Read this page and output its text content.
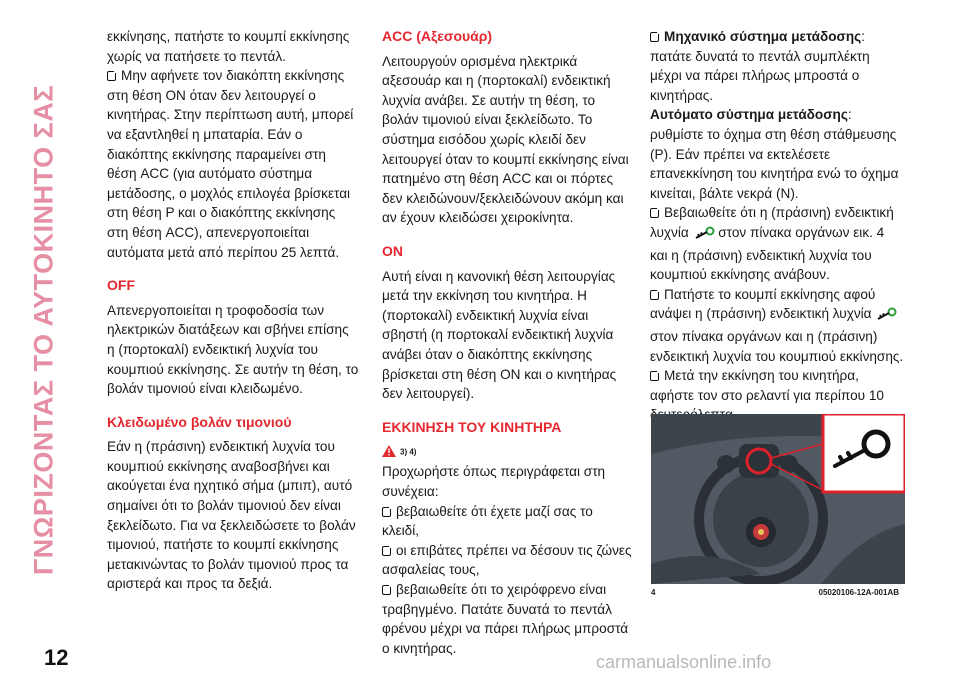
ΓΝΩΡΙΖΟΝΤΑΣ ΤΟ ΑΥΤΟΚΙΝΗΤΟ ΣΑΣ

εκκίνησης, πατήστε το κουμπί εκκίνησης χωρίς να πατήσετε το πεντάλ.

Μην αφήνετε τον διακόπτη εκκίνησης στη θέση ON όταν δεν λειτουργεί ο κινητήρας. Στην περίπτωση αυτή, μπορεί να εξαντληθεί η μπαταρία. Εάν ο διακόπτης εκκίνησης παραμείνει στη θέση ACC (για αυτόματο σύστημα μετάδοσης, ο μοχλός επιλογέα βρίσκεται στη θέση P και ο διακόπτης εκκίνησης στη θέση ACC), απενεργοποιείται αυτόματα μετά από περίπου 25 λεπτά.

OFF

Απενεργοποιείται η τροφοδοσία των ηλεκτρικών διατάξεων και σβήνει επίσης η (πορτοκαλί) ενδεικτική λυχνία του κουμπιού εκκίνησης. Σε αυτήν τη θέση, το βολάν τιμονιού είναι κλειδωμένο.

Κλειδωμένο βολάν τιμονιού

Εάν η (πράσινη) ενδεικτική λυχνία του κουμπιού εκκίνησης αναβοσβήνει και ακούγεται ένα ηχητικό σήμα (μπιπ), αυτό σημαίνει ότι το βολάν τιμονιού δεν είναι ξεκλείδωτο. Για να ξεκλειδώσετε το βολάν τιμονιού, πατήστε το κουμπί εκκίνησης μετακινώντας το βολάν τιμονιού προς τα αριστερά και προς τα δεξιά.

ACC (Αξεσουάρ)

Λειτουργούν ορισμένα ηλεκτρικά αξεσουάρ και η (πορτοκαλί) ενδεικτική λυχνία ανάβει. Σε αυτήν τη θέση, το βολάν τιμονιού είναι ξεκλείδωτο. Το σύστημα εισόδου χωρίς κλειδί δεν λειτουργεί όταν το κουμπί εκκίνησης είναι πατημένο στη θέση ACC και οι πόρτες δεν κλειδώνουν/ξεκλειδώνουν ακόμη και αν έχουν κλειδώσει χειροκίνητα.

ON

Αυτή είναι η κανονική θέση λειτουργίας μετά την εκκίνηση του κινητήρα. Η (πορτοκαλί) ενδεικτική λυχνία είναι σβηστή (η πορτοκαλί ενδεικτική λυχνία ανάβει όταν ο διακόπτης εκκίνησης βρίσκεται στη θέση ON και ο κινητήρας δεν λειτουργεί).

ΕΚΚΙΝΗΣΗ ΤΟΥ ΚΙΝΗΤΗΡΑ

3) 4)

Προχωρήστε όπως περιγράφεται στη συνέχεια:

βεβαιωθείτε ότι έχετε μαζί σας το κλειδί,

οι επιβάτες πρέπει να δέσουν τις ζώνες ασφαλείας τους,

βεβαιωθείτε ότι το χειρόφρενο είναι τραβηγμένο. Πατάτε δυνατά το πεντάλ φρένου μέχρι να πάρει πλήρως μπροστά ο κινητήρας.

Μηχανικό σύστημα μετάδοσης: πατάτε δυνατά το πεντάλ συμπλέκτη μέχρι να πάρει πλήρως μπροστά ο κινητήρας.

Αυτόματο σύστημα μετάδοσης: ρυθμίστε το όχημα στη θέση στάθμευσης (P). Εάν πρέπει να εκτελέσετε επανεκκίνηση του κινητήρα ενώ το όχημα κινείται, βάλτε νεκρά (N).

Βεβαιωθείτε ότι η (πράσινη) ενδεικτική λυχνία στον πίνακα οργάνων εικ. 4 και η (πράσινη) ενδεικτική λυχνία του κουμπιού εκκίνησης ανάβουν.

Πατήστε το κουμπί εκκίνησης αφού ανάψει η (πράσινη) ενδεικτική λυχνία  στον πίνακα οργάνων και η (πράσινη) ενδεικτική λυχνία του κουμπιού εκκίνησης.

Μετά την εκκίνηση του κινητήρα, αφήστε τον στο ρελαντί για περίπου 10

4	05020106-12A-001AB
12	carmanualsonline.info
